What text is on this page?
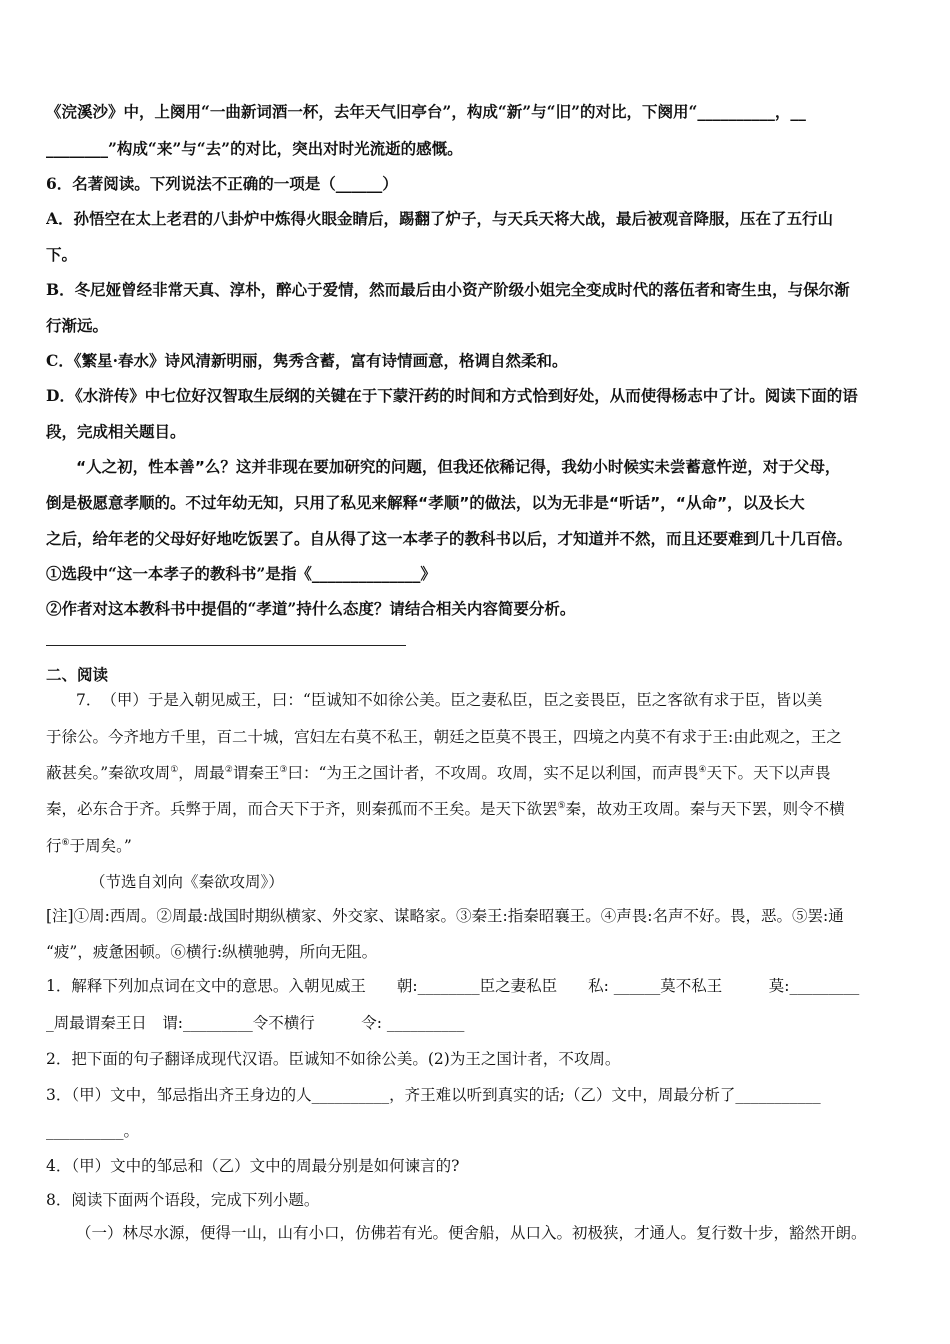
《浣溪沙》中，上阕用“一曲新词酒一杯，去年天气旧亭台”，构成“新”与“旧”的对比，下阕用“__________，__
________”构成“来”与“去”的对比，突出对时光流逝的感慨。
6．名著阅读。下列说法不正确的一项是（______）
A．孙悟空在太上老君的八卦炉中炼得火眼金睛后，踢翻了炉子，与天兵天将大战，最后被观音降服，压在了五行山
下。
B．冬尼娅曾经非常天真、淳朴，醉心于爱情，然而最后由小资产阶级小姐完全变成时代的落伍者和寄生虫，与保尔渐
行渐远。
C．《繁星·春水》诗风清新明丽，隽秀含蓄，富有诗情画意，格调自然柔和。
D．《水浒传》中七位好汉智取生辰纲的关键在于下蒙汗药的时间和方式恰到好处，从而使得杨志中了计。阅读下面的语
段，完成相关题目。
“人之初，性本善”么？这并非现在要加研究的问题，但我还依稀记得，我幼小时候实未尝蓄意忤逆，对于父母，
倒是极愿意孝顺的。不过年幼无知，只用了私见来解释“孝顺”的做法，以为无非是“听话”，“从命”，以及长大
之后，给年老的父母好好地吃饭罢了。自从得了这一本孝子的教科书以后，才知道并不然，而且还要难到几十几百倍。
①选段中“这一本孝子的教科书”是指《______________》
②作者对这本教科书中提倡的“孝道”持什么态度？请结合相关内容简要分析。
二、阅读
7．　（甲）于是入朝见威王，曰：“臣诚知不如徐公美。臣之妻私臣，臣之妾畏臣，臣之客欲有求于臣，皆以美
于徐公。今齐地方千里，百二十城，宫妇左右莫不私王，朝廷之臣莫不畏王，四境之内莫不有求于王:由此观之，王之
蔽甚矣。”秦欲攻周①，周最②谓秦王③曰：“为王之国计者，不攻周。攻周，实不足以利国，而声畏④天下。天下以声畏
秦，必东合于齐。兵弊于周，而合天下于齐，则秦孤而不王矣。是天下欲罢⑤秦，故劝王攻周。秦与天下罢，则令不横
行⑥于周矣。”
（节选自刘向《秦欲攻周》）
[注]①周:西周。②周最:战国时期纵横家、外交家、谋略家。③秦王:指秦昭襄王。④声畏:名声不好。畏，恶。⑤罢:通
“疲”，疲惫困顿。⑥横行:纵横驰骋，所向无阻。
1．解释下列加点词在文中的意思。入朝见威王　　朝:________臣之妻私臣　　私: ______莫不私王　　　莫:_________
_周最谓秦王日　谓:_________令不横行　　　令: __________
2．把下面的句子翻译成现代汉语。臣诚知不如徐公美。(2)为王之国计者，不攻周。
3．（甲）文中，邹忌指出齐王身边的人__________，齐王难以听到真实的话;（乙）文中，周最分析了___________
__________。
4．（甲）文中的邹忌和（乙）文中的周最分别是如何谏言的?
8．阅读下面两个语段，完成下列小题。
（一）林尽水源，便得一山，山有小口，仿佛若有光。便舍船，从口入。初极狭，才通人。复行数十步，豁然开朗。
